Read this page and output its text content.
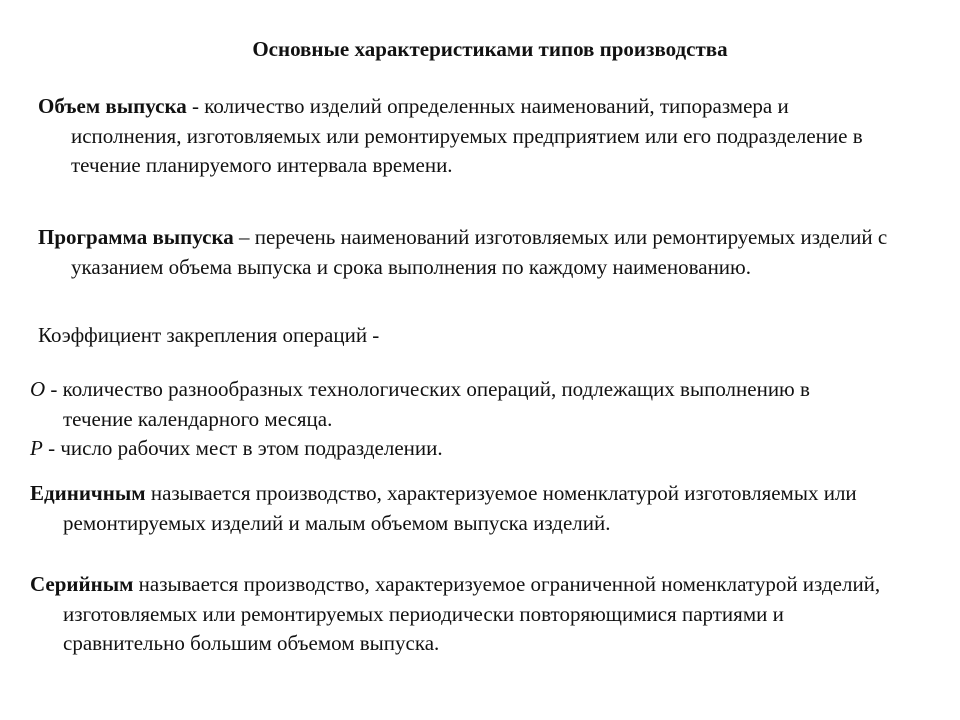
Основные характеристиками типов производства

Объем выпуска - количество изделий определенных наименований, типоразмера и исполнения, изготовляемых или ремонтируемых предприятием или его подразделение в течение планируемого интервала времени.

Программа выпуска – перечень наименований изготовляемых или ремонтируемых изделий с указанием объема выпуска и срока выполнения по каждому наименованию.

Коэффициент закрепления операций -

О - количество разнообразных технологических операций, подлежащих выполнению в течение календарного месяца.

Р - число рабочих мест в этом подразделении.

Единичным называется производство, характеризуемое номенклатурой изготовляемых или ремонтируемых изделий и малым объемом выпуска изделий.

Серийным называется производство, характеризуемое ограниченной номенклатурой изделий, изготовляемых или ремонтируемых периодически повторяющимися партиями и сравнительно большим объемом выпуска.
